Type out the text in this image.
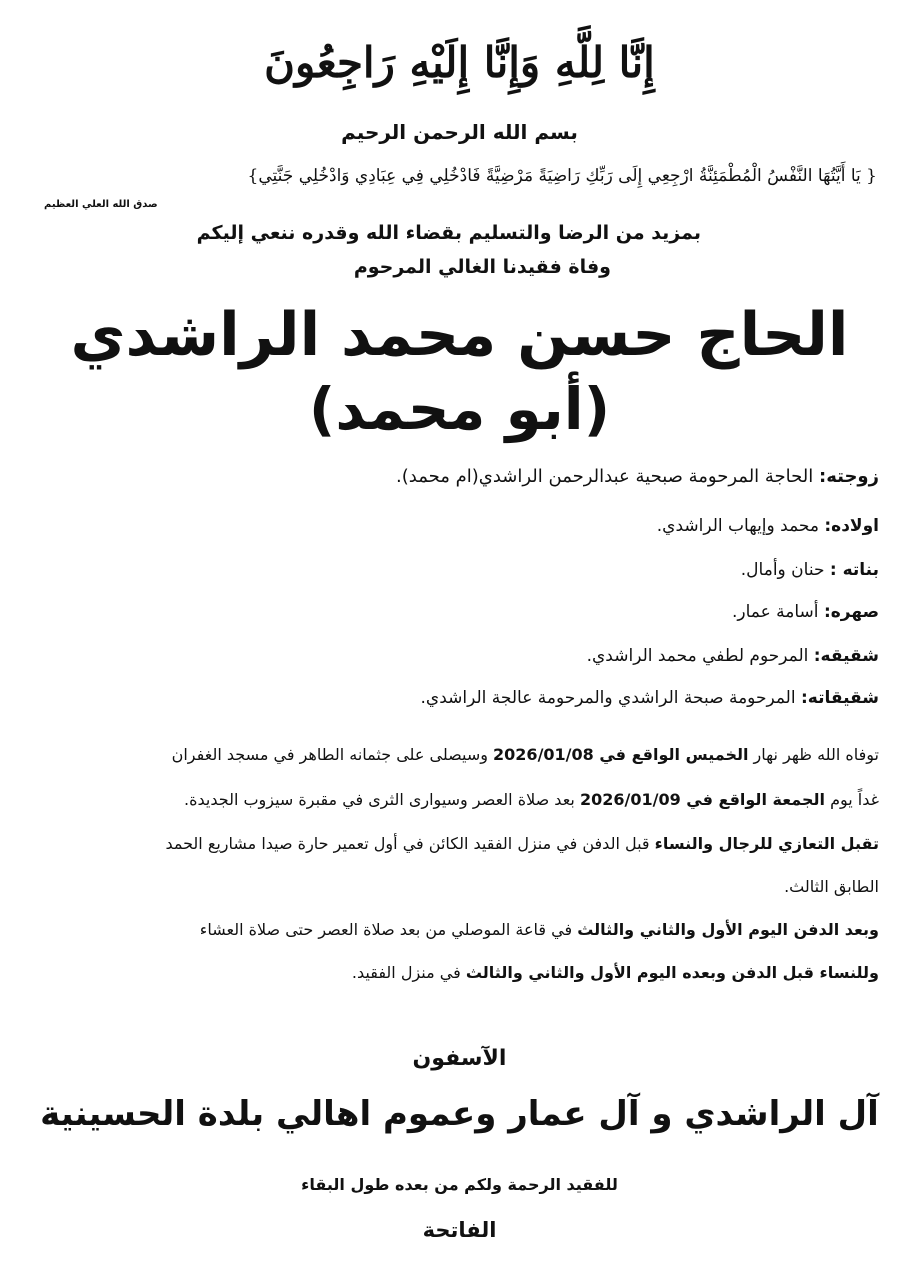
إِنَّا لِلَّهِ وَإِنَّا إِلَيْهِ رَاجِعُونَ
بسم الله الرحمن الرحيم
{ يَا أَيَّتُهَا النَّفْسُ الْمُطْمَئِنَّةُ ارْجِعِي إِلَى رَبِّكِ رَاضِيَةً مَرْضِيَّةً فَادْخُلِي فِي عِبَادِي وَادْخُلِي جَنَّتِي}
صدق الله العلي العظيم
بمزيد من الرضا والتسليم بقضاء الله وقدره ننعي إليكم
وفاة فقيدنا الغالي المرحوم
الحاج حسن محمد الراشدي
(أبو محمد)
زوجته: الحاجة المرحومة صبحية عبدالرحمن الراشدي(ام محمد).
اولاده: محمد وإيهاب الراشدي.
بناته : حنان وأمال.
صهره: أسامة عمار.
شقيقه: المرحوم لطفي محمد الراشدي.
شقيقاته: المرحومة صبحة الراشدي والمرحومة عالجة الراشدي.
توفاه الله ظهر نهار الخميس الواقع في 2026/01/08 وسيصلى على جثمانه الطاهر في مسجد الغفران
غداً يوم الجمعة الواقع في 2026/01/09 بعد صلاة العصر وسيوارى الثرى في مقبرة سيزوب الجديدة.
تقبل التعازي للرجال والنساء قبل الدفن في منزل الفقيد الكائن في أول تعمير حارة صيدا مشاريع الحمد
الطابق الثالث.
وبعد الدفن اليوم الأول والثاني والثالث في قاعة الموصلي من بعد صلاة العصر حتى صلاة العشاء
وللنساء قبل الدفن وبعده اليوم الأول والثاني والثالث في منزل الفقيد.
الآسفون
آل الراشدي و آل عمار وعموم اهالي بلدة الحسينية
للفقيد الرحمة ولكم من بعده طول البقاء
الفاتحة
